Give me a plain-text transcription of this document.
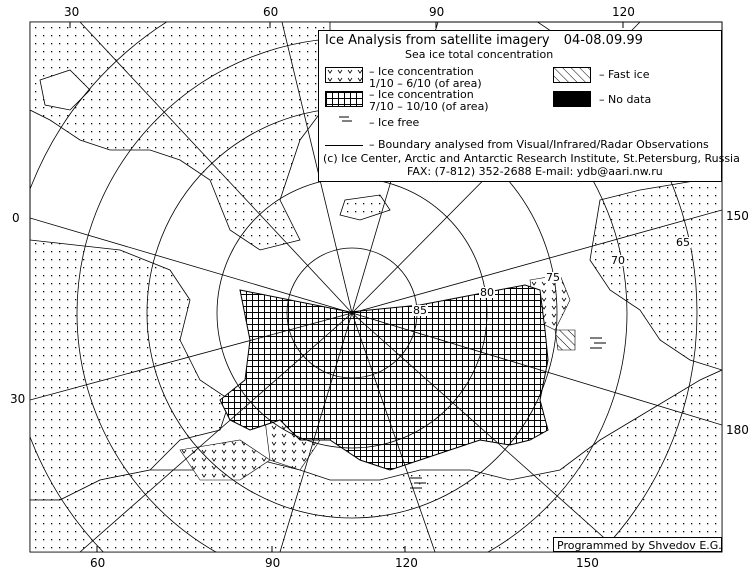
30	60	90	120
60	90	120	150
0
30
150
180
85
80
75
70
65
Ice Analysis from satellite imagery 04-08.09.99
Sea ice total concentration
– Ice concentration
1/10 – 6/10 (of area)
– Ice concentration
7/10 – 10/10 (of area)
– Fast ice
– No data
– Ice free
– Boundary analysed from Visual/Infrared/Radar Observations
(c) Ice Center, Arctic and Antarctic Research Institute, St.Petersburg, Russia
FAX: (7-812) 352-2688 E-mail: ydb@aari.nw.ru
Programmed by Shvedov E.G.
